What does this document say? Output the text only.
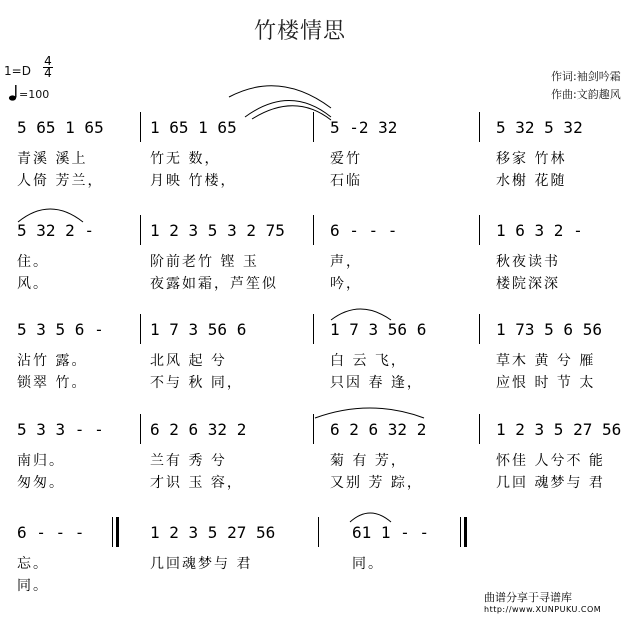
竹楼情思
1=D
4
4
=100
作词:袖剑吟霜
作曲:文韵趣风
5 65 1 65	1 65 1 65	5 -2 32	5 32 5 32
青溪 溪上	竹无 数，	爱竹	移家 竹林
人倚 芳兰，	月映 竹楼，	石临	水榭 花随
5 32 2 -	1 2 3 5 3 2 75	6 - - -	1 6 3 2 -
住。	阶前老竹 铿 玉	声，	秋夜读书
风。	夜露如霜，芦笙似	吟，	楼院深深
5 3 5 6 -	1 7 3 56 6	1 7 3 56 6	1 73 5 6 56
沾竹 露。	北风 起 兮	白 云 飞，	草木 黄 兮 雁
锁翠 竹。	不与 秋 同，	只因 春 逢，	应恨 时 节 太
5 3 3 - -	6 2 6 32 2	6 2 6 32 2	1 2 3 5 27 56
南归。	兰有 秀 兮	菊 有 芳，	怀佳 人兮不 能
匆匆。	才识 玉 容，	又别 芳 踪，	几回 魂梦与 君
6 - - -	1 2 3 5 27 56	61 1 - -
忘。	几回魂梦与 君	同。
同。
曲谱分享于寻谱库
http://www.XUNPUKU.COM
